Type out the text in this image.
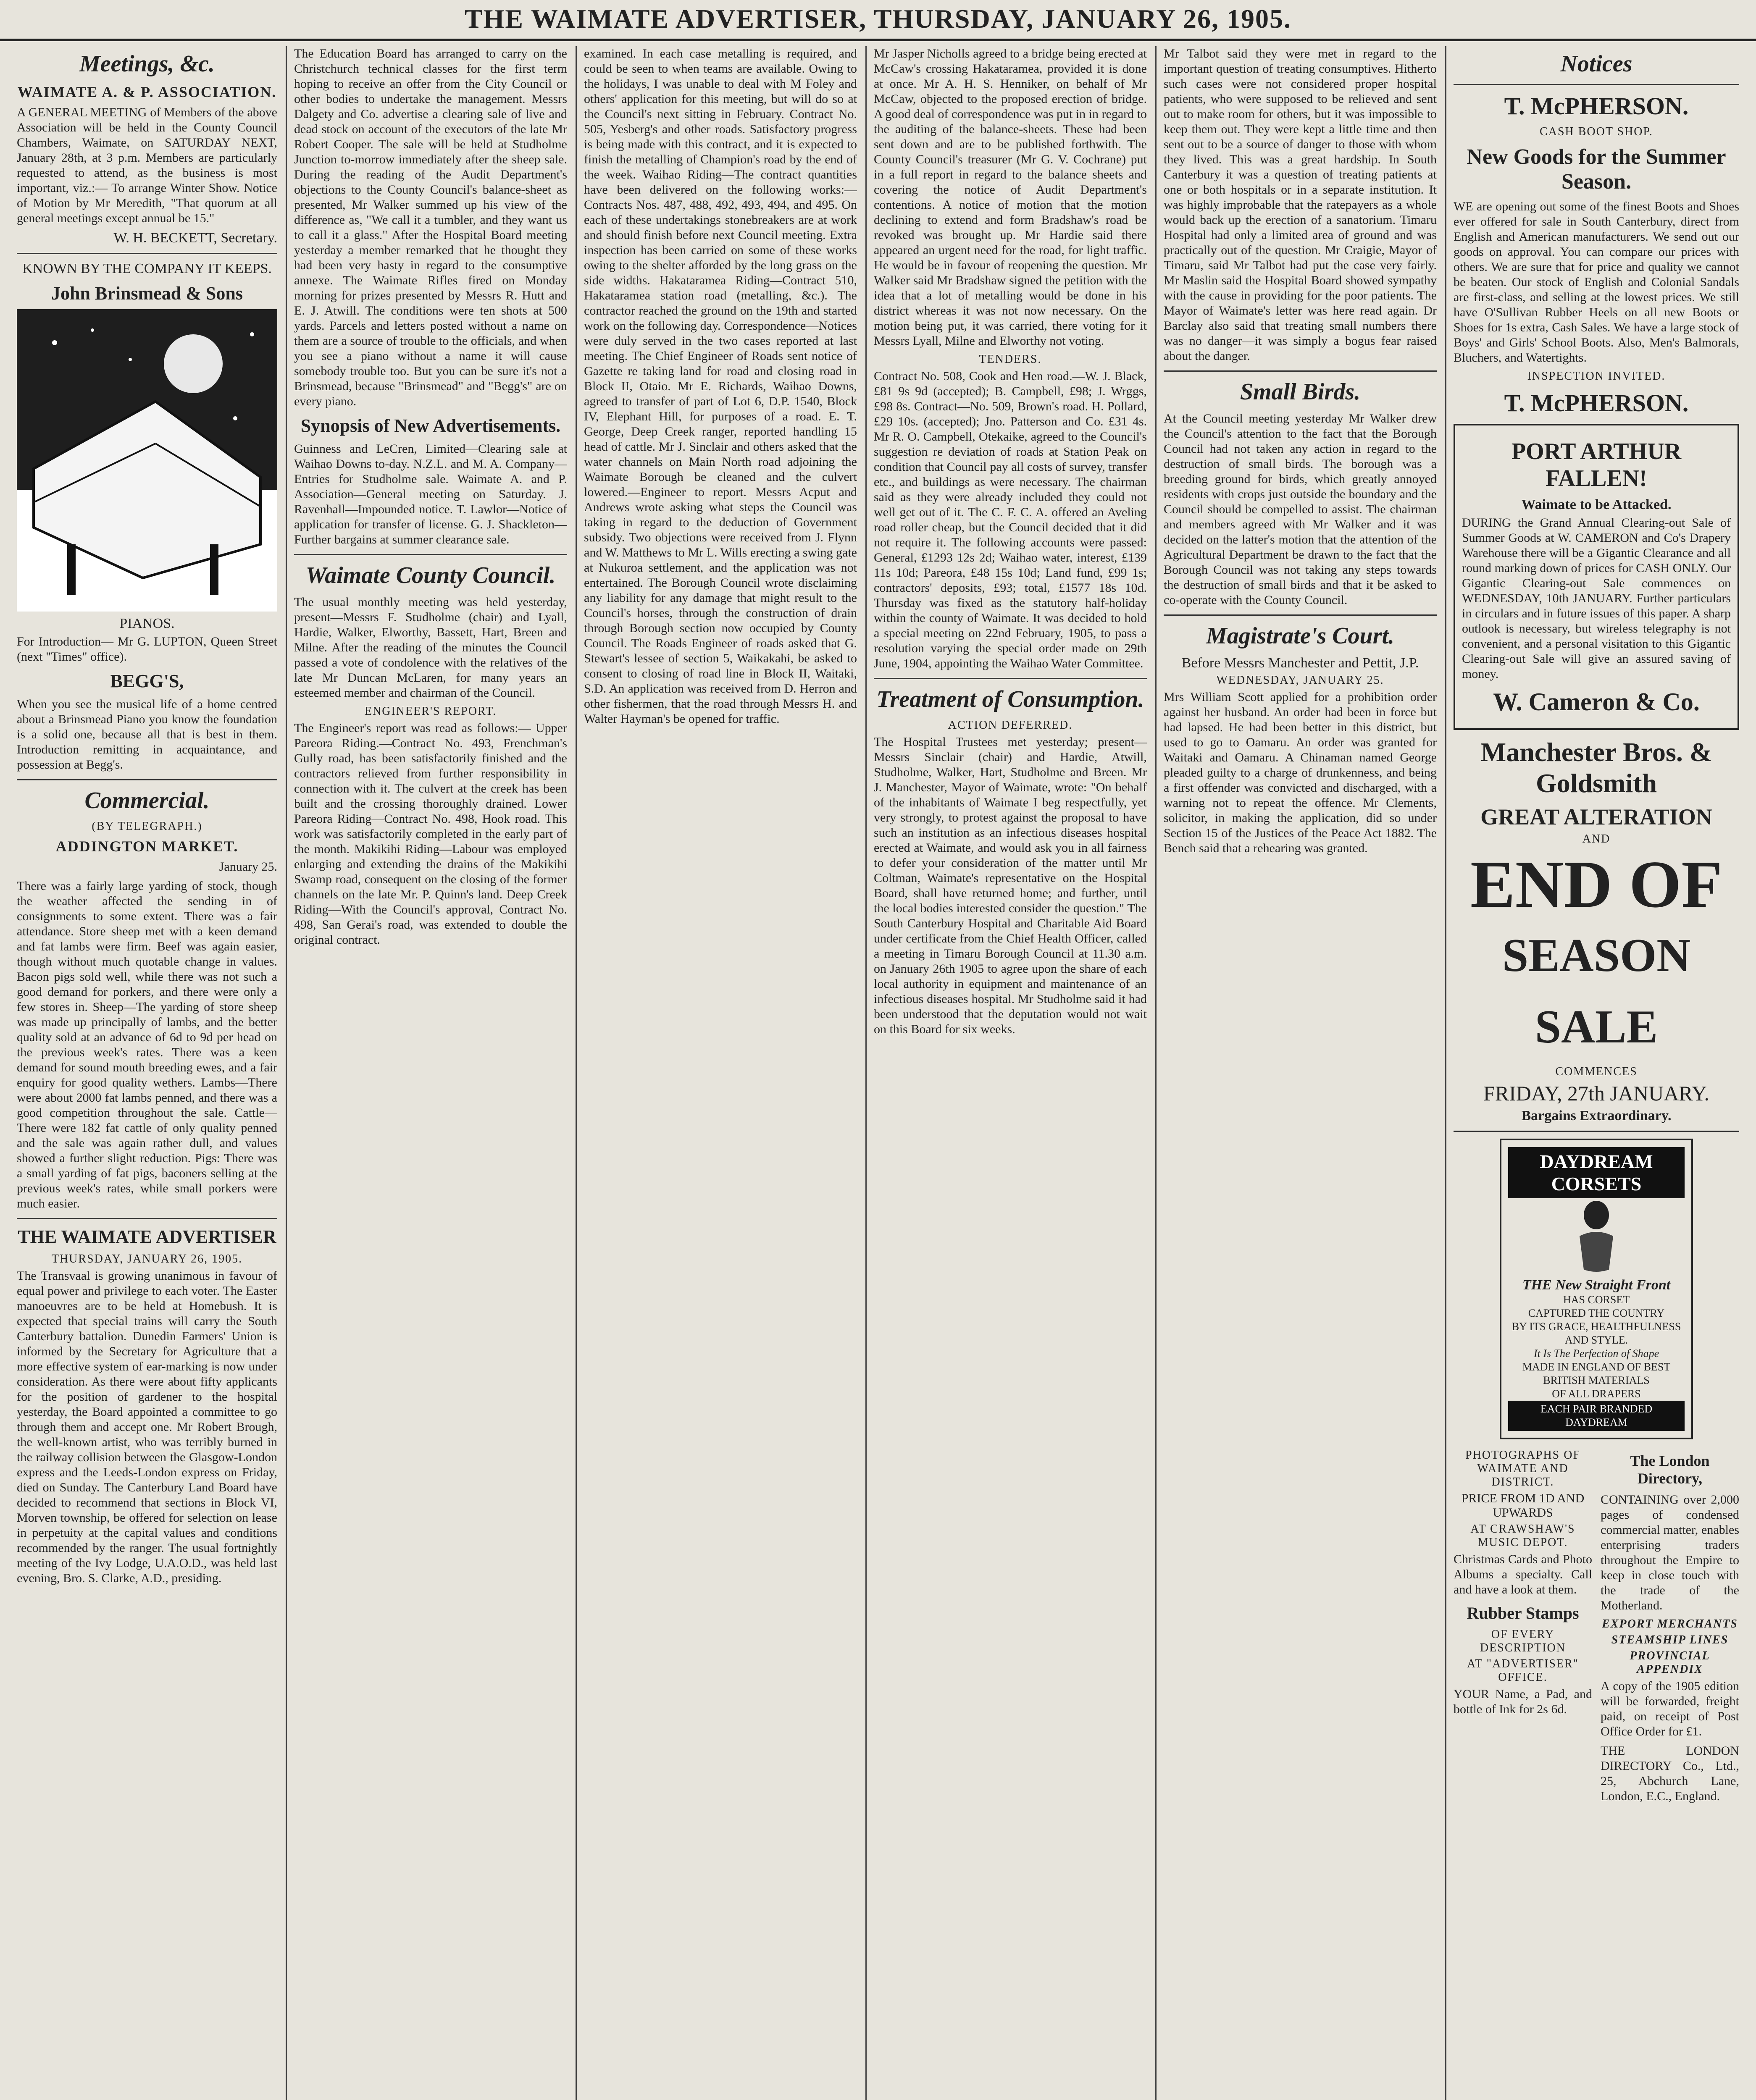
THE WAIMATE ADVERTISER, THURSDAY, JANUARY 26, 1905.
Meetings, &c.
WAIMATE A. & P. ASSOCIATION.

A GENERAL MEETING of Members of the above Association will be held in the County Council Chambers, Waimate, on SATURDAY NEXT, January 28th, at 3 p.m. Members are particularly requested to attend, as the business is most important, viz.:— To arrange Winter Show. Notice of Motion by Mr Meredith, "That quorum at all general meetings except annual be 15."

W. H. BECKETT, Secretary.

KNOWN BY THE COMPANY IT KEEPS.

John Brinsmead & Sons

PIANOS.

For Introduction— Mr G. LUPTON, Queen Street (next "Times" office).

BEGG'S,

When you see the musical life of a home centred about a Brinsmead Piano you know the foundation is a solid one, because all that is best in them. Introduction remitting in acquaintance, and possession at Begg's.

Commercial.

(BY TELEGRAPH.)

ADDINGTON MARKET.

January 25.

There was a fairly large yarding of stock, though the weather affected the sending in of consignments to some extent. There was a fair attendance. Store sheep met with a keen demand and fat lambs were firm. Beef was again easier, though without much quotable change in values. Bacon pigs sold well, while there was not such a good demand for porkers, and there were only a few stores in. Sheep—The yarding of store sheep was made up principally of lambs, and the better quality sold at an advance of 6d to 9d per head on the previous week's rates. There was a keen demand for sound mouth breeding ewes, and a fair enquiry for good quality wethers. Lambs—There were about 2000 fat lambs penned, and there was a good competition throughout the sale. Cattle—There were 182 fat cattle of only quality penned and the sale was again rather dull, and values showed a further slight reduction. Pigs: There was a small yarding of fat pigs, baconers selling at the previous week's rates, while small porkers were much easier.

THE WAIMATE ADVERTISER

THURSDAY, JANUARY 26, 1905.

The Transvaal is growing unanimous in favour of equal power and privilege to each voter. The Easter manoeuvres are to be held at Homebush. It is expected that special trains will carry the South Canterbury battalion. Dunedin Farmers' Union is informed by the Secretary for Agriculture that a more effective system of ear-marking is now under consideration. As there were about fifty applicants for the position of gardener to the hospital yesterday, the Board appointed a committee to go through them and accept one. Mr Robert Brough, the well-known artist, who was terribly burned in the railway collision between the Glasgow-London express and the Leeds-London express on Friday, died on Sunday. The Canterbury Land Board have decided to recommend that sections in Block VI, Morven township, be offered for selection on lease in perpetuity at the capital values and conditions recommended by the ranger. The usual fortnightly meeting of the Ivy Lodge, U.A.O.D., was held last evening, Bro. S. Clarke, A.D., presiding.

The Education Board has arranged to carry on the Christchurch technical classes for the first term hoping to receive an offer from the City Council or other bodies to undertake the management. Messrs Dalgety and Co. advertise a clearing sale of live and dead stock on account of the executors of the late Mr Robert Cooper. The sale will be held at Studholme Junction to-morrow immediately after the sheep sale. During the reading of the Audit Department's objections to the County Council's balance-sheet as presented, Mr Walker summed up his view of the difference as, "We call it a tumbler, and they want us to call it a glass." After the Hospital Board meeting yesterday a member remarked that he thought they had been very hasty in regard to the consumptive annexe. The Waimate Rifles fired on Monday morning for prizes presented by Messrs R. Hutt and E. J. Atwill. The conditions were ten shots at 500 yards. Parcels and letters posted without a name on them are a source of trouble to the officials, and when you see a piano without a name it will cause somebody trouble too. But you can be sure it's not a Brinsmead, because "Brinsmead" and "Begg's" are on every piano.

Synopsis of New Advertisements.

Guinness and LeCren, Limited—Clearing sale at Waihao Downs to-day. N.Z.L. and M. A. Company—Entries for Studholme sale. Waimate A. and P. Association—General meeting on Saturday. J. Ravenhall—Impounded notice. T. Lawlor—Notice of application for transfer of license. G. J. Shackleton—Further bargains at summer clearance sale.

Waimate County Council.

The usual monthly meeting was held yesterday, present—Messrs F. Studholme (chair) and Lyall, Hardie, Walker, Elworthy, Bassett, Hart, Breen and Milne. After the reading of the minutes the Council passed a vote of condolence with the relatives of the late Mr Duncan McLaren, for many years an esteemed member and chairman of the Council.

ENGINEER'S REPORT.

The Engineer's report was read as follows:— Upper Pareora Riding.—Contract No. 493, Frenchman's Gully road, has been satisfactorily finished and the contractors relieved from further responsibility in connection with it. The culvert at the creek has been built and the crossing thoroughly drained. Lower Pareora Riding—Contract No. 498, Hook road. This work was satisfactorily completed in the early part of the month. Makikihi Riding—Labour was employed enlarging and extending the drains of the Makikihi Swamp road, consequent on the closing of the former channels on the late Mr. P. Quinn's land. Deep Creek Riding—With the Council's approval, Contract No. 498, San Gerai's road, was extended to double the original contract.

examined. In each case metalling is required, and could be seen to when teams are available. Owing to the holidays, I was unable to deal with M Foley and others' application for this meeting, but will do so at the Council's next sitting in February. Contract No. 505, Yesberg's and other roads. Satisfactory progress is being made with this contract, and it is expected to finish the metalling of Champion's road by the end of the week. Waihao Riding—The contract quantities have been delivered on the following works:—Contracts Nos. 487, 488, 492, 493, 494, and 495. On each of these undertakings stonebreakers are at work and should finish before next Council meeting. Extra inspection has been carried on some of these works owing to the shelter afforded by the long grass on the side widths. Hakataramea Riding—Contract 510, Hakataramea station road (metalling, &c.). The contractor reached the ground on the 19th and started work on the following day. Correspondence—Notices were duly served in the two cases reported at last meeting. The Chief Engineer of Roads sent notice of Gazette re taking land for road and closing road in Block II, Otaio. Mr E. Richards, Waihao Downs, agreed to transfer of part of Lot 6, D.P. 1540, Block IV, Elephant Hill, for purposes of a road. E. T. George, Deep Creek ranger, reported handling 15 head of cattle. Mr J. Sinclair and others asked that the water channels on Main North road adjoining the Waimate Borough be cleaned and the culvert lowered.—Engineer to report. Messrs Acput and Andrews wrote asking what steps the Council was taking in regard to the deduction of Government subsidy. Two objections were received from J. Flynn and W. Matthews to Mr L. Wills erecting a swing gate at Nukuroa settlement, and the application was not entertained. The Borough Council wrote disclaiming any liability for any damage that might result to the Council's horses, through the construction of drain through Borough section now occupied by County Council. The Roads Engineer of roads asked that G. Stewart's lessee of section 5, Waikakahi, be asked to consent to closing of road line in Block II, Waitaki, S.D. An application was received from D. Herron and other fishermen, that the road through Messrs H. and Walter Hayman's be opened for traffic.

Mr Jasper Nicholls agreed to a bridge being erected at McCaw's crossing Hakataramea, provided it is done at once. Mr A. H. S. Henniker, on behalf of Mr McCaw, objected to the proposed erection of bridge. A good deal of correspondence was put in in regard to the auditing of the balance-sheets. These had been sent down and are to be published forthwith. The County Council's treasurer (Mr G. V. Cochrane) put in a full report in regard to the balance sheets and covering the notice of Audit Department's contentions. A notice of motion that the motion declining to extend and form Bradshaw's road be revoked was brought up. Mr Hardie said there appeared an urgent need for the road, for light traffic. He would be in favour of reopening the question. Mr Walker said Mr Bradshaw signed the petition with the idea that a lot of metalling would be done in his district whereas it was not now necessary. On the motion being put, it was carried, there voting for it Messrs Lyall, Milne and Elworthy not voting.

TENDERS.

Contract No. 508, Cook and Hen road.—W. J. Black, £81 9s 9d (accepted); B. Campbell, £98; J. Wrggs, £98 8s. Contract—No. 509, Brown's road. H. Pollard, £29 10s. (accepted); Jno. Patterson and Co. £31 4s. Mr R. O. Campbell, Otekaike, agreed to the Council's suggestion re deviation of roads at Station Peak on condition that Council pay all costs of survey, transfer etc., and buildings as were necessary. The chairman said as they were already included they could not well get out of it. The C. F. C. A. offered an Aveling road roller cheap, but the Council decided that it did not require it. The following accounts were passed: General, £1293 12s 2d; Waihao water, interest, £139 11s 10d; Pareora, £48 15s 10d; Land fund, £99 1s; contractors' deposits, £93; total, £1577 18s 10d. Thursday was fixed as the statutory half-holiday within the county of Waimate. It was decided to hold a special meeting on 22nd February, 1905, to pass a resolution varying the special order made on 29th June, 1904, appointing the Waihao Water Committee.

Treatment of Consumption.

ACTION DEFERRED.

The Hospital Trustees met yesterday; present—Messrs Sinclair (chair) and Hardie, Atwill, Studholme, Walker, Hart, Studholme and Breen. Mr J. Manchester, Mayor of Waimate, wrote: "On behalf of the inhabitants of Waimate I beg respectfully, yet very strongly, to protest against the proposal to have such an institution as an infectious diseases hospital erected at Waimate, and would ask you in all fairness to defer your consideration of the matter until Mr Coltman, Waimate's representative on the Hospital Board, shall have returned home; and further, until the local bodies interested consider the question." The South Canterbury Hospital and Charitable Aid Board under certificate from the Chief Health Officer, called a meeting in Timaru Borough Council at 11.30 a.m. on January 26th 1905 to agree upon the share of each local authority in equipment and maintenance of an infectious diseases hospital. Mr Studholme said it had been understood that the deputation would not wait on this Board for six weeks.

Mr Talbot said they were met in regard to the important question of treating consumptives. Hitherto such cases were not considered proper hospital patients, who were supposed to be relieved and sent out to make room for others, but it was impossible to keep them out. They were kept a little time and then sent out to be a source of danger to those with whom they lived. This was a great hardship. In South Canterbury it was a question of treating patients at one or both hospitals or in a separate institution. It was highly improbable that the ratepayers as a whole would back up the erection of a sanatorium. Timaru Hospital had only a limited area of ground and was practically out of the question. Mr Craigie, Mayor of Timaru, said Mr Talbot had put the case very fairly. Mr Maslin said the Hospital Board showed sympathy with the cause in providing for the poor patients. The Mayor of Waimate's letter was here read again. Dr Barclay also said that treating small numbers there was no danger—it was simply a bogus fear raised about the danger.

Small Birds.

At the Council meeting yesterday Mr Walker drew the Council's attention to the fact that the Borough Council had not taken any action in regard to the destruction of small birds. The borough was a breeding ground for birds, which greatly annoyed residents with crops just outside the boundary and the Council should be compelled to assist. The chairman and members agreed with Mr Walker and it was decided on the latter's motion that the attention of the Agricultural Department be drawn to the fact that the Borough Council was not taking any steps towards the destruction of small birds and that it be asked to co-operate with the County Council.

Magistrate's Court.

Before Messrs Manchester and Pettit, J.P.

WEDNESDAY, JANUARY 25.

Mrs William Scott applied for a prohibition order against her husband. An order had been in force but had lapsed. He had been better in this district, but used to go to Oamaru. An order was granted for Waitaki and Oamaru. A Chinaman named George pleaded guilty to a charge of drunkenness, and being a first offender was convicted and discharged, with a warning not to repeat the offence. Mr Clements, solicitor, in making the application, did so under Section 15 of the Justices of the Peace Act 1882. The Bench said that a rehearing was granted.

Notices
T. McPHERSON.

CASH BOOT SHOP.

New Goods for the Summer Season.

WE are opening out some of the finest Boots and Shoes ever offered for sale in South Canterbury, direct from English and American manufacturers. We send out our goods on approval. You can compare our prices with others. We are sure that for price and quality we cannot be beaten. Our stock of English and Colonial Sandals are first-class, and selling at the lowest prices. We still have O'Sullivan Rubber Heels on all new Boots or Shoes for 1s extra, Cash Sales. We have a large stock of Boys' and Girls' School Boots. Also, Men's Balmorals, Bluchers, and Watertights.

INSPECTION INVITED.

T. McPHERSON.
PORT ARTHUR FALLEN!

Waimate to be Attacked.

DURING the Grand Annual Clearing-out Sale of Summer Goods at W. CAMERON and Co's Drapery Warehouse there will be a Gigantic Clearance and all round marking down of prices for CASH ONLY. Our Gigantic Clearing-out Sale commences on WEDNESDAY, 10th JANUARY. Further particulars in circulars and in future issues of this paper. A sharp outlook is necessary, but wireless telegraphy is not convenient, and a personal visitation to this Gigantic Clearing-out Sale will give an assured saving of money.

W. Cameron & Co.
Manchester Bros. & Goldsmith

GREAT ALTERATION

AND

END OF

SEASON SALE

COMMENCES

FRIDAY, 27th JANUARY.

Bargains Extraordinary.

DAYDREAM CORSETS
THE New Straight Front
HAS CORSET
CAPTURED THE COUNTRY
BY ITS GRACE, HEALTHFULNESS AND STYLE.
It Is The Perfection of Shape
MADE IN ENGLAND OF BEST BRITISH MATERIALS
OF ALL DRAPERS
EACH PAIR BRANDED DAYDREAM

PHOTOGRAPHS OF WAIMATE AND DISTRICT.

PRICE FROM 1D AND UPWARDS

AT CRAWSHAW'S MUSIC DEPOT.

Christmas Cards and Photo Albums a specialty. Call and have a look at them.

Rubber Stamps

OF EVERY DESCRIPTION

AT "ADVERTISER" OFFICE.

YOUR Name, a Pad, and bottle of Ink for 2s 6d.

The London Directory,

CONTAINING over 2,000 pages of condensed commercial matter, enables enterprising traders throughout the Empire to keep in close touch with the trade of the Motherland.

EXPORT MERCHANTS

STEAMSHIP LINES

PROVINCIAL APPENDIX

A copy of the 1905 edition will be forwarded, freight paid, on receipt of Post Office Order for £1.

THE LONDON DIRECTORY Co., Ltd., 25, Abchurch Lane, London, E.C., England.
